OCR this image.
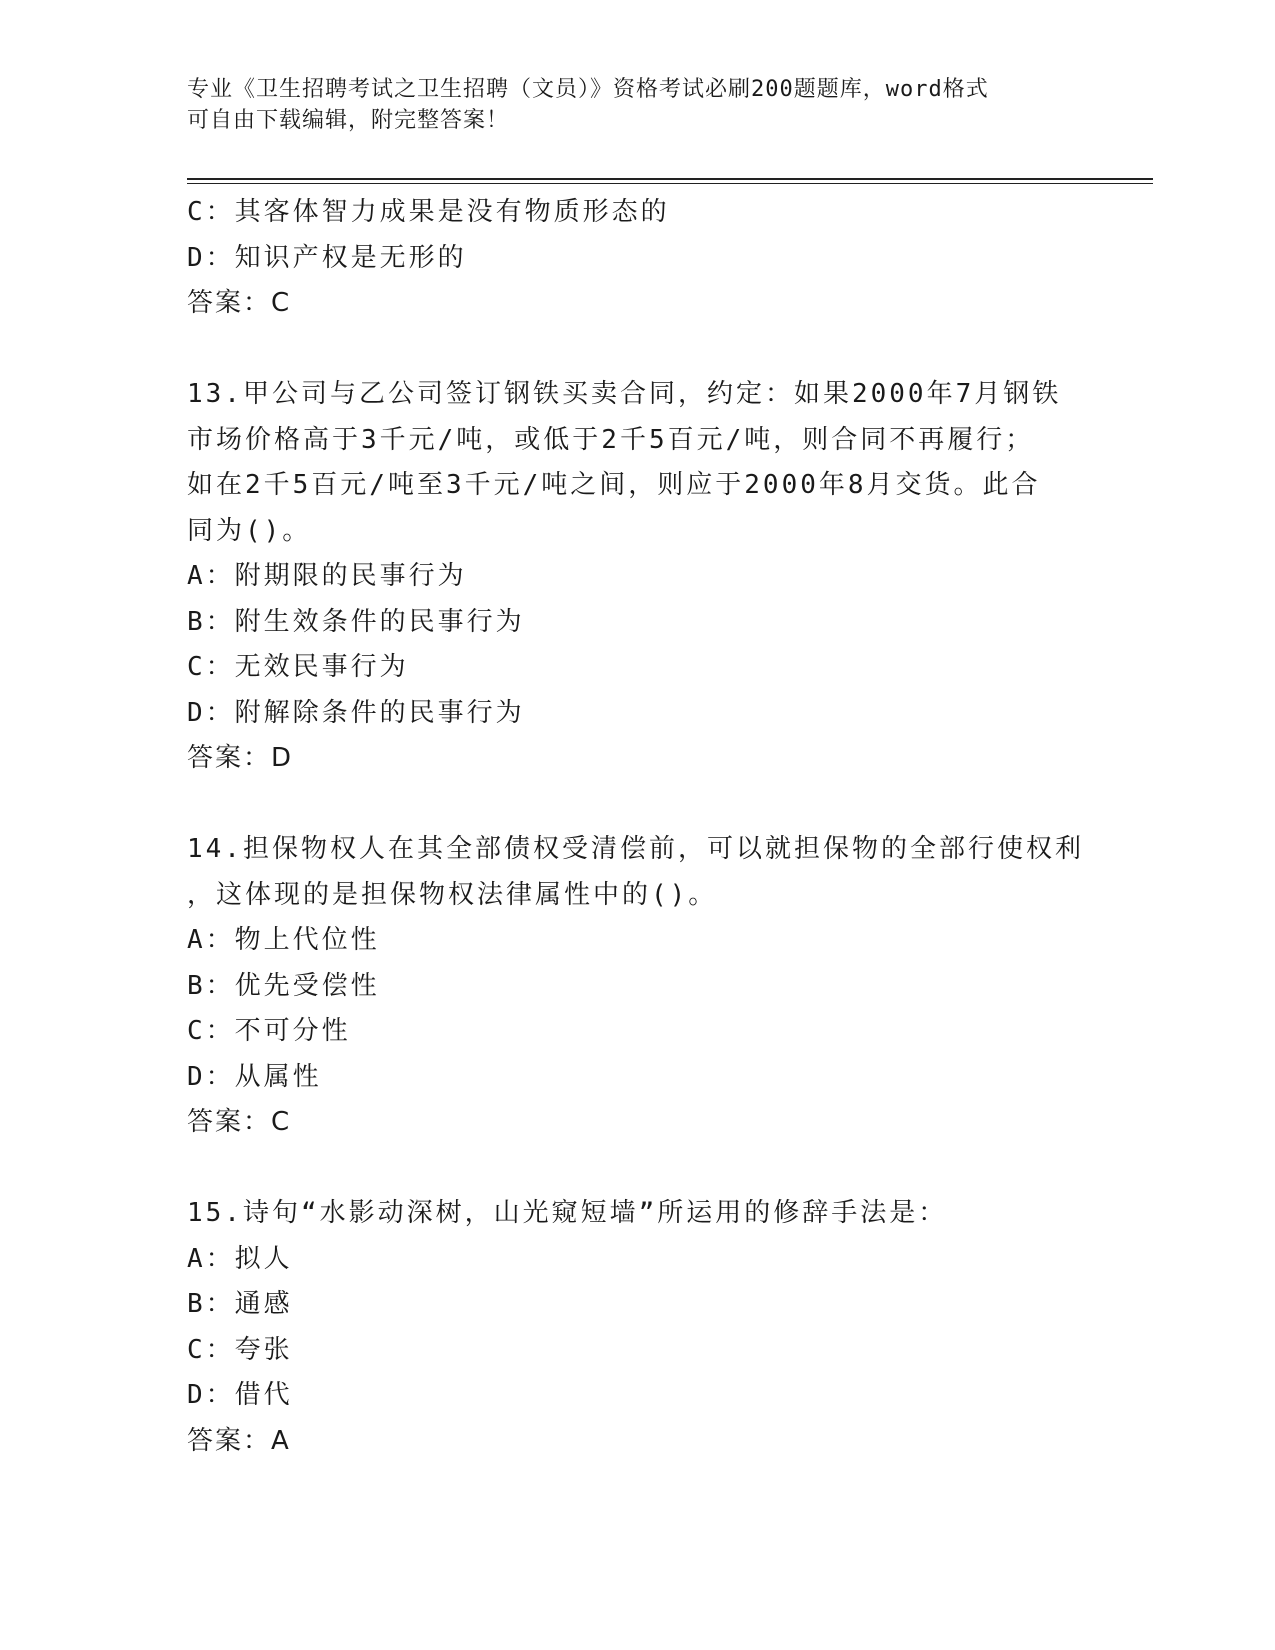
专业《卫生招聘考试之卫生招聘（文员）》资格考试必刷200题题库，word格式
可自由下载编辑，附完整答案！
C：其客体智力成果是没有物质形态的
D：知识产权是无形的
答案：C
13.甲公司与乙公司签订钢铁买卖合同，约定：如果2000年7月钢铁
市场价格高于3千元/吨，或低于2千5百元/吨，则合同不再履行；
如在2千5百元/吨至3千元/吨之间，则应于2000年8月交货。此合
同为()。
A：附期限的民事行为
B：附生效条件的民事行为
C：无效民事行为
D：附解除条件的民事行为
答案：D
14.担保物权人在其全部债权受清偿前，可以就担保物的全部行使权利
，这体现的是担保物权法律属性中的()。
A：物上代位性
B：优先受偿性
C：不可分性
D：从属性
答案：C
15.诗句“水影动深树，山光窥短墙”所运用的修辞手法是：
A：拟人
B：通感
C：夸张
D：借代
答案：A
